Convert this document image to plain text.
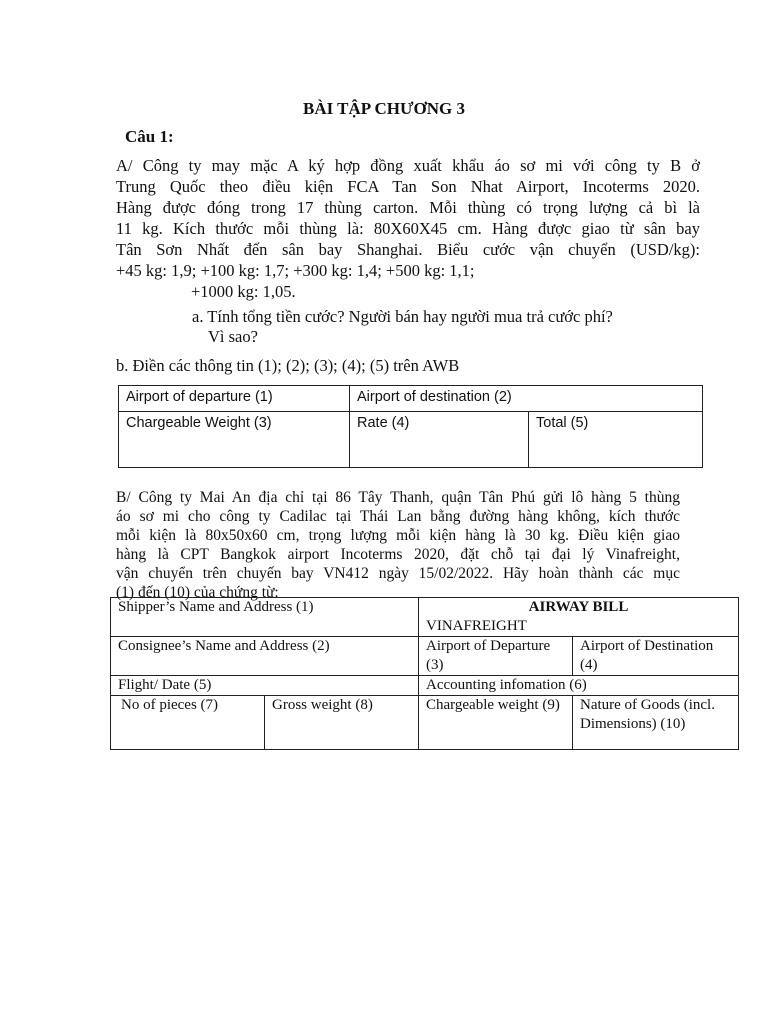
BÀI TẬP CHƯƠNG 3
Câu 1:
A/ Công ty may mặc A ký hợp đồng xuất khẩu áo sơ mi với công ty B ở
Trung Quốc theo điều kiện FCA Tan Son Nhat Airport, Incoterms 2020.
Hàng được đóng trong 17 thùng carton. Mỗi thùng có trọng lượng cả bì là
11 kg. Kích thước mỗi thùng là: 80X60X45 cm. Hàng được giao từ sân bay
Tân Sơn Nhất đến sân bay Shanghai. Biểu cước vận chuyển (USD/kg):
+45 kg: 1,9; +100 kg: 1,7; +300 kg: 1,4; +500 kg: 1,1;
+1000 kg: 1,05.
a. Tính tổng tiền cước? Người bán hay người mua trả cước phí?
Vì sao?
b. Điền các thông tin (1); (2); (3); (4); (5) trên AWB
Airport of departure (1)	Airport of destination (2)	
Chargeable Weight (3)	Rate (4)	Total (5)
B/ Công ty Mai An địa chỉ tại 86 Tây Thanh, quận Tân Phú gửi lô hàng 5 thùng
áo sơ mi cho công ty Cadilac tại Thái Lan bằng đường hàng không, kích thước
mỗi kiện là 80x50x60 cm, trọng lượng mỗi kiện hàng là 30 kg. Điều kiện giao
hàng là CPT Bangkok airport Incoterms 2020, đặt chỗ tại đại lý Vinafreight,
vận chuyển trên chuyến bay VN412 ngày 15/02/2022. Hãy hoàn thành các mục
(1) đến (10) của chứng từ:
Shipper’s Name and Address (1)		AIRWAY BILL
VINAFREIGHT	
Consignee’s Name and Address (2)		Airport of Departure (3)	Airport of Destination (4)
Flight/ Date (5)		Accounting infomation (6)	
No of pieces (7)	Gross weight (8)	Chargeable weight (9)	Nature of Goods (incl. Dimensions) (10)
